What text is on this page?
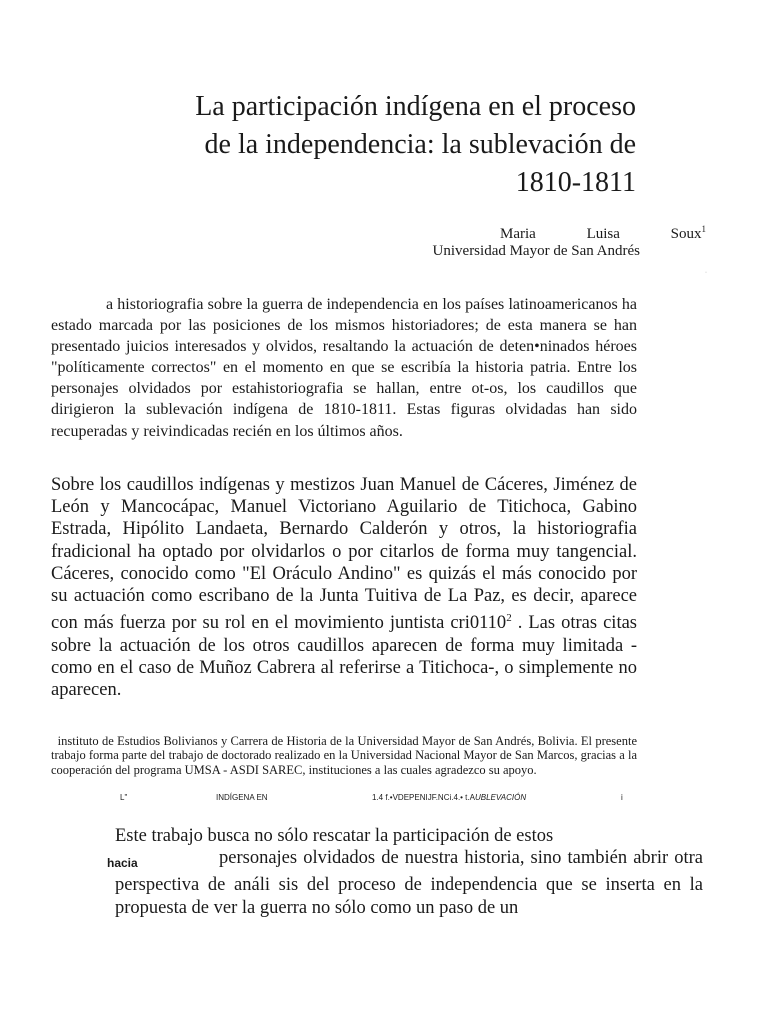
La participación indígena en el proceso
de la independencia: la sublevación de
1810-1811
Maria Luisa Soux$^1$
Universidad Mayor de San Andrés
·

a historiografia sobre la guerra de independencia en los países latinoamericanos ha estado marcada por las posiciones de los mismos historiadores; de esta manera se han presentado juicios interesados y olvidos, resaltando la actuación de deten•ninados héroes "políticamente correctos" en el momento en que se escribía la historia patria. Entre los personajes olvidados por estahistoriografia se hallan, entre ot-os, los caudillos que dirigieron la sublevación indígena de 1810-1811. Estas figuras olvidadas han sido recuperadas y reivindicadas recién en los últimos años.

Sobre los caudillos indígenas y mestizos Juan Manuel de Cáceres, Jiménez de León y Mancocápac, Manuel Victoriano Aguilario de Titichoca, Gabino Estrada, Hipólito Landaeta, Bernardo Calderón y otros, la historiografia fradicional ha optado por olvidarlos o por citarlos de forma muy tangencial. Cáceres, conocido como "El Oráculo Andino" es quizás el más conocido por su actuación como escribano de la Junta Tuitiva de La Paz, es decir, aparece con más fuerza por su rol en el movimiento juntista cri0110$^2$ . Las otras citas sobre la actuación de los otros caudillos aparecen de forma muy limitada -como en el caso de Muñoz Cabrera al referirse a Titichoca-, o simplemente no aparecen.

instituto de Estudios Bolivianos y Carrera de Historia de la Universidad Mayor de San Andrés, Bolivia. El presente trabajo forma parte del trabajo de doctorado realizado en la Universidad Nacional Mayor de San Marcos, gracias a la cooperación del programa UMSA - ASDI SAREC, instituciones a las cuales agradezco su apoyo.

L"	INDÍGENA EN	1.4 f.•VDEPENIJF.NCi.4.• t.AUBLEVACIÓN	i

Este trabajo busca no sólo rescatar la participación de estos
hacia	personajes olvidados de nuestra historia, sino también abrir otra perspectiva de análi sis del proceso de independencia que se inserta en la propuesta de ver la guerra no sólo como un paso de un
